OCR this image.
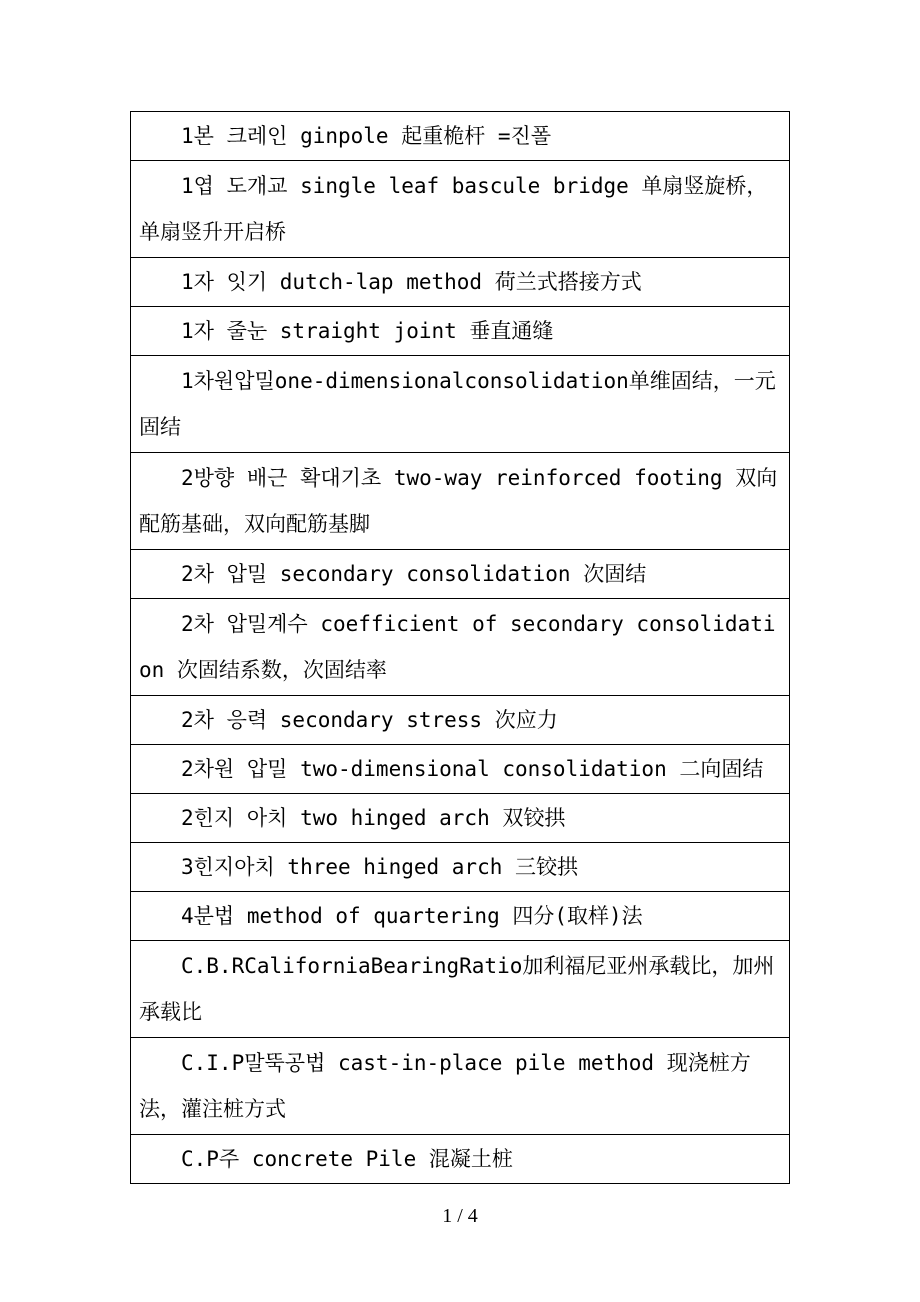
1본 크레인 ginpole 起重桅杆 =진폴

1엽 도개교 single leaf bascule bridge 单扇竖旋桥，单扇竖升开启桥

1자 잇기 dutch-lap method 荷兰式搭接方式

1자 줄눈 straight joint 垂直通缝

1차원압밀one-dimensionalconsolidation单维固结，一元固结

2방향 배근 확대기초 two-way reinforced footing 双向配筋基础，双向配筋基脚

2차 압밀 secondary consolidation 次固结

2차 압밀계수 coefficient of secondary consolidation 次固结系数，次固结率

2차 응력 secondary stress 次应力

2차원 압밀 two-dimensional consolidation 二向固结

2힌지 아치 two hinged arch 双铰拱

3힌지아치 three hinged arch 三铰拱

4분법 method of quartering 四分(取样)法

C.B.RCaliforniaBearingRatio加利福尼亚州承载比，加州承载比

C.I.P말뚝공법 cast-in-place pile method 现浇桩方法，灌注桩方式

C.P주 concrete Pile 混凝土桩
1 / 4
